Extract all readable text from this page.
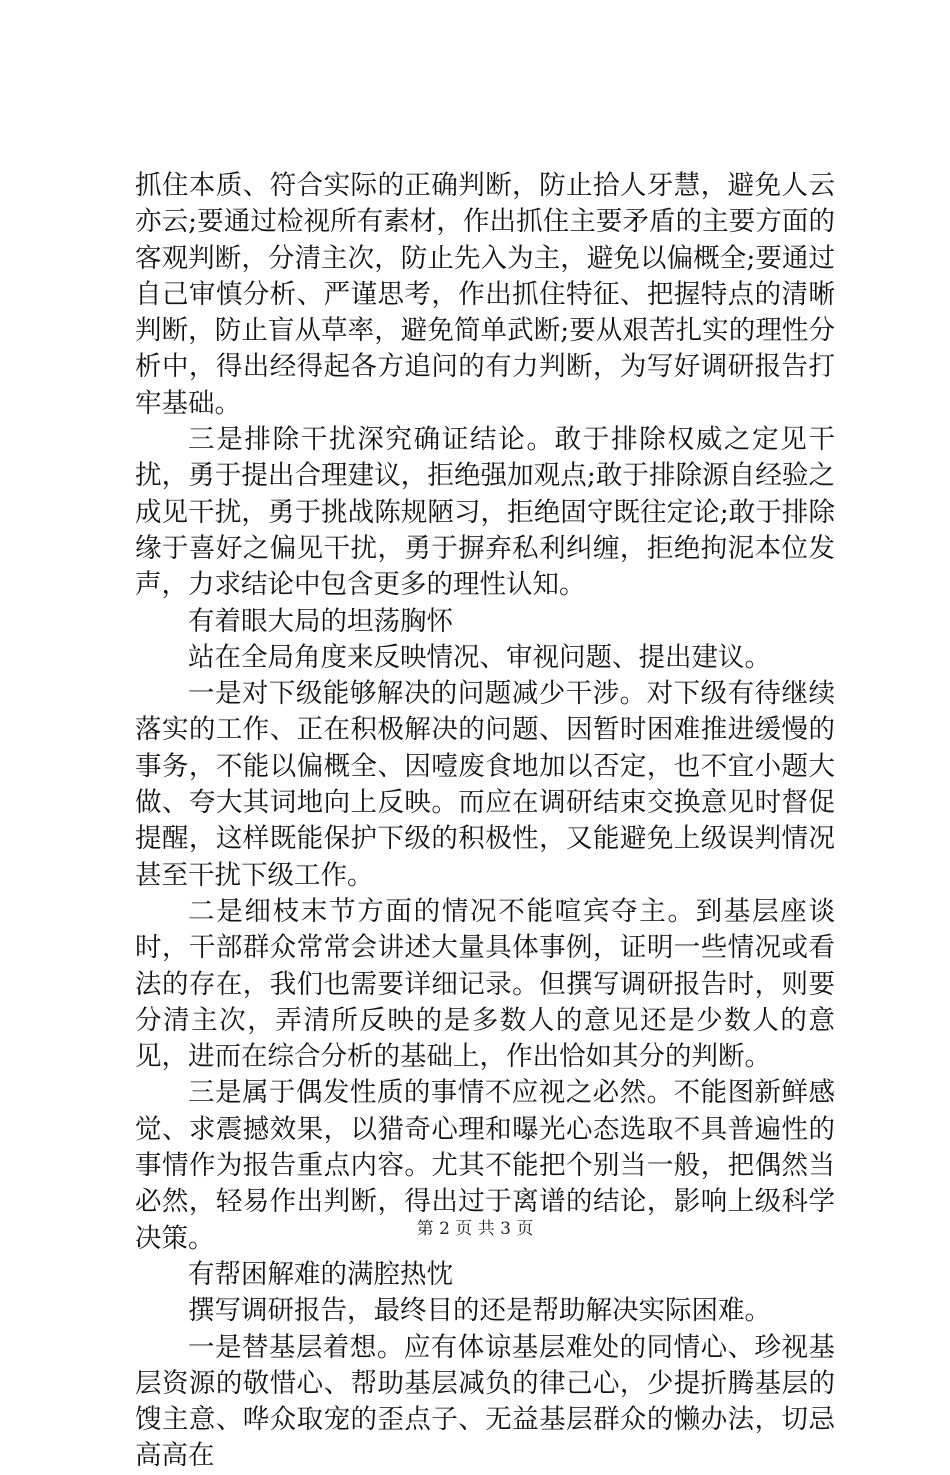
抓住本质、符合实际的正确判断，防止拾人牙慧，避免人云亦云;要通过检视所有素材，作出抓住主要矛盾的主要方面的客观判断，分清主次，防止先入为主，避免以偏概全;要通过自己审慎分析、严谨思考，作出抓住特征、把握特点的清晰判断，防止盲从草率，避免简单武断;要从艰苦扎实的理性分析中，得出经得起各方追问的有力判断，为写好调研报告打牢基础。

三是排除干扰深究确证结论。敢于排除权威之定见干扰，勇于提出合理建议，拒绝强加观点;敢于排除源自经验之成见干扰，勇于挑战陈规陋习，拒绝固守既往定论;敢于排除缘于喜好之偏见干扰，勇于摒弃私利纠缠，拒绝拘泥本位发声，力求结论中包含更多的理性认知。

有着眼大局的坦荡胸怀

站在全局角度来反映情况、审视问题、提出建议。

一是对下级能够解决的问题减少干涉。对下级有待继续落实的工作、正在积极解决的问题、因暂时困难推进缓慢的事务，不能以偏概全、因噎废食地加以否定，也不宜小题大做、夸大其词地向上反映。而应在调研结束交换意见时督促提醒，这样既能保护下级的积极性，又能避免上级误判情况甚至干扰下级工作。

二是细枝末节方面的情况不能喧宾夺主。到基层座谈时，干部群众常常会讲述大量具体事例，证明一些情况或看法的存在，我们也需要详细记录。但撰写调研报告时，则要分清主次，弄清所反映的是多数人的意见还是少数人的意见，进而在综合分析的基础上，作出恰如其分的判断。

三是属于偶发性质的事情不应视之必然。不能图新鲜感觉、求震撼效果，以猎奇心理和曝光心态选取不具普遍性的事情作为报告重点内容。尤其不能把个别当一般，把偶然当必然，轻易作出判断，得出过于离谱的结论，影响上级科学决策。

有帮困解难的满腔热忱

撰写调研报告，最终目的还是帮助解决实际困难。

一是替基层着想。应有体谅基层难处的同情心、珍视基层资源的敬惜心、帮助基层减负的律己心，少提折腾基层的馊主意、哗众取宠的歪点子、无益基层群众的懒办法，切忌高高在

第 2 页 共 3 页
